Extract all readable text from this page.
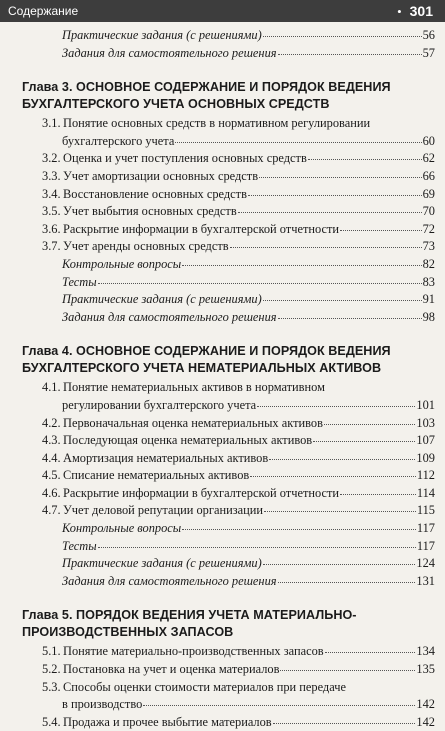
Содержание	• 301
Практические задания (с решениями)	56
Задания для самостоятельного решения	57
Глава 3. ОСНОВНОЕ СОДЕРЖАНИЕ И ПОРЯДОК ВЕДЕНИЯ
БУХГАЛТЕРСКОГО УЧЕТА ОСНОВНЫХ СРЕДСТВ
3.1. Понятие основных средств в нормативном регулировании
бухгалтерского учета	60
3.2. Оценка и учет поступления основных средств	62
3.3. Учет амортизации основных средств	66
3.4. Восстановление основных средств	69
3.5. Учет выбытия основных средств	70
3.6. Раскрытие информации в бухгалтерской отчетности	72
3.7. Учет аренды основных средств	73
Контрольные вопросы	82
Тесты	83
Практические задания (с решениями)	91
Задания для самостоятельного решения	98
Глава 4. ОСНОВНОЕ СОДЕРЖАНИЕ И ПОРЯДОК ВЕДЕНИЯ
БУХГАЛТЕРСКОГО УЧЕТА НЕМАТЕРИАЛЬНЫХ АКТИВОВ
4.1. Понятие нематериальных активов в нормативном
регулировании бухгалтерского учета	101
4.2. Первоначальная оценка нематериальных активов	103
4.3. Последующая оценка нематериальных активов	107
4.4. Амортизация нематериальных активов	109
4.5. Списание нематериальных активов	112
4.6. Раскрытие информации в бухгалтерской отчетности	114
4.7. Учет деловой репутации организации	115
Контрольные вопросы	117
Тесты	117
Практические задания (с решениями)	124
Задания для самостоятельного решения	131
Глава 5. ПОРЯДОК ВЕДЕНИЯ УЧЕТА МАТЕРИАЛЬНО-
ПРОИЗВОДСТВЕННЫХ ЗАПАСОВ
5.1. Понятие материально-производственных запасов	134
5.2. Постановка на учет и оценка материалов	135
5.3. Способы оценки стоимости материалов при передаче
в производство	142
5.4. Продажа и прочее выбытие материалов	142
